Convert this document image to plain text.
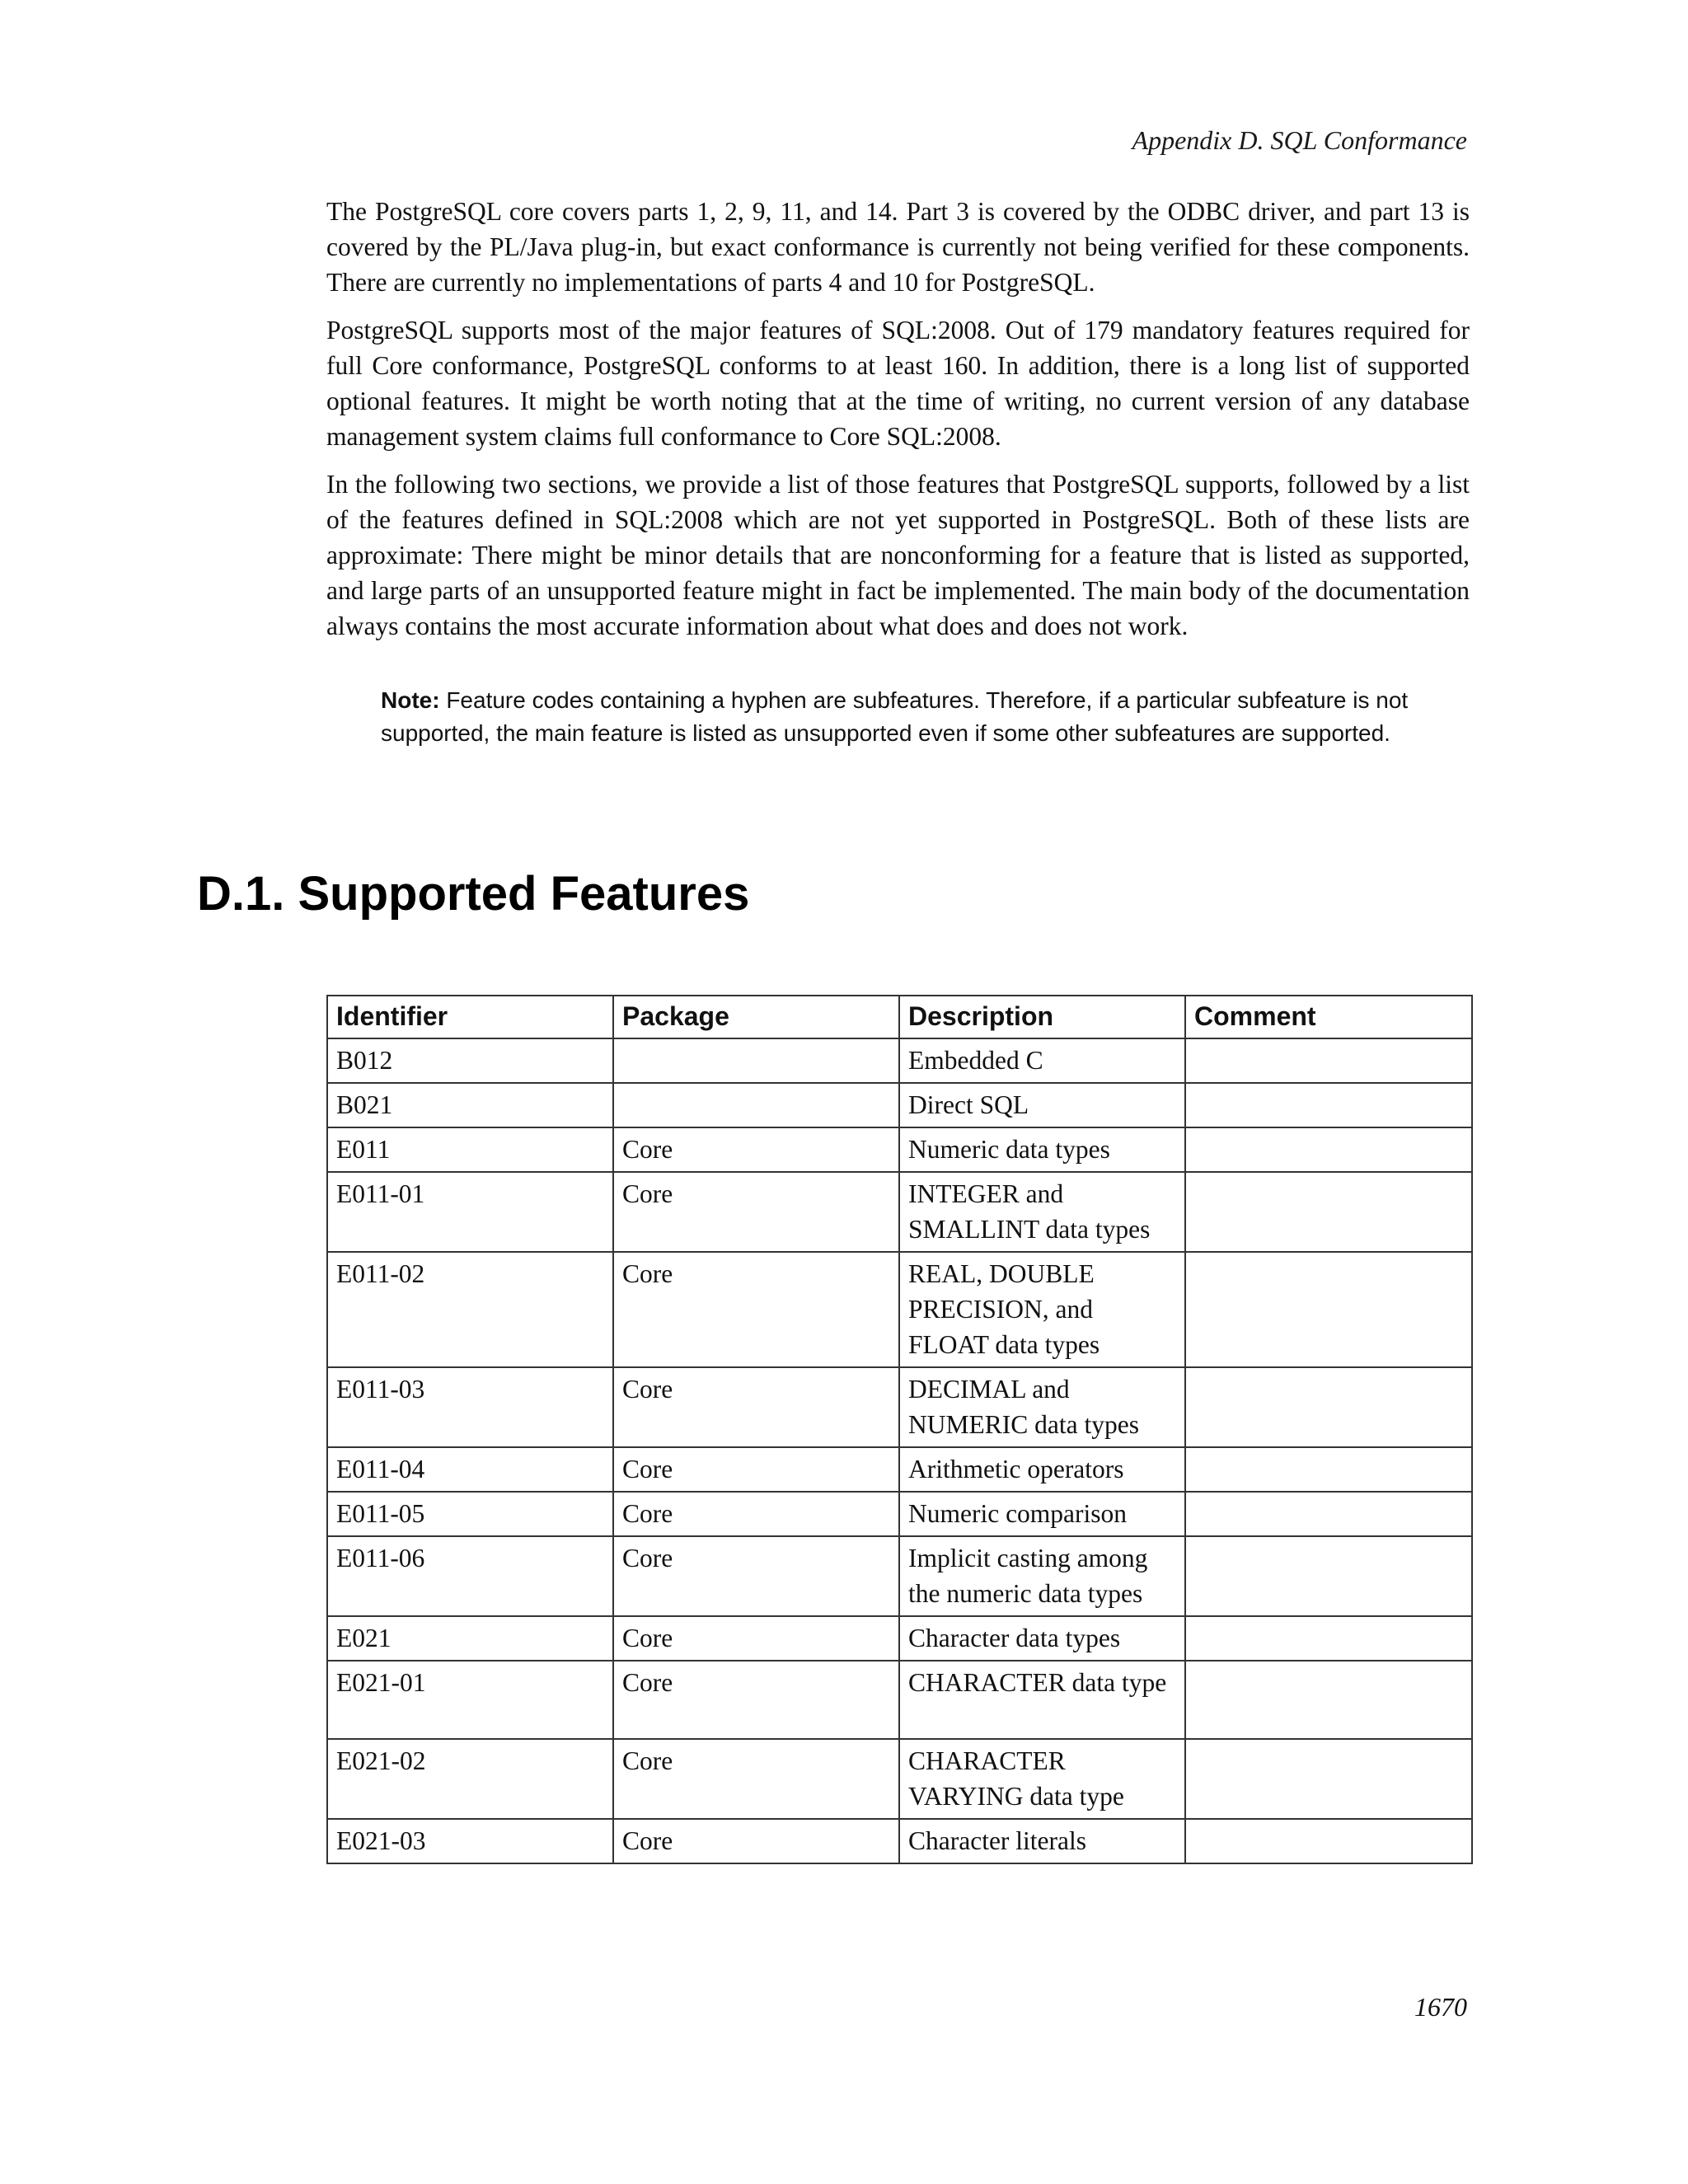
Appendix D. SQL Conformance

The PostgreSQL core covers parts 1, 2, 9, 11, and 14. Part 3 is covered by the ODBC driver, and part 13 is covered by the PL/Java plug-in, but exact conformance is currently not being verified for these components. There are currently no implementations of parts 4 and 10 for PostgreSQL.

PostgreSQL supports most of the major features of SQL:2008. Out of 179 mandatory features required for full Core conformance, PostgreSQL conforms to at least 160. In addition, there is a long list of supported optional features. It might be worth noting that at the time of writing, no current version of any database management system claims full conformance to Core SQL:2008.

In the following two sections, we provide a list of those features that PostgreSQL supports, followed by a list of the features defined in SQL:2008 which are not yet supported in PostgreSQL. Both of these lists are approximate: There might be minor details that are nonconforming for a feature that is listed as supported, and large parts of an unsupported feature might in fact be implemented. The main body of the documentation always contains the most accurate information about what does and does not work.

Note: Feature codes containing a hyphen are subfeatures. Therefore, if a particular subfeature is not supported, the main feature is listed as unsupported even if some other subfeatures are supported.
D.1. Supported Features
Identifier	Package	Description	Comment
B012		Embedded C	
B021		Direct SQL	
E011	Core	Numeric data types	
E011-01	Core	INTEGER and SMALLINT data types	
E011-02	Core	REAL, DOUBLE PRECISION, and FLOAT data types	
E011-03	Core	DECIMAL and NUMERIC data types	
E011-04	Core	Arithmetic operators	
E011-05	Core	Numeric comparison	
E011-06	Core	Implicit casting among the numeric data types	
E021	Core	Character data types	
E021-01	Core	CHARACTER data type	
E021-02	Core	CHARACTER VARYING data type	
E021-03	Core	Character literals	
1670
